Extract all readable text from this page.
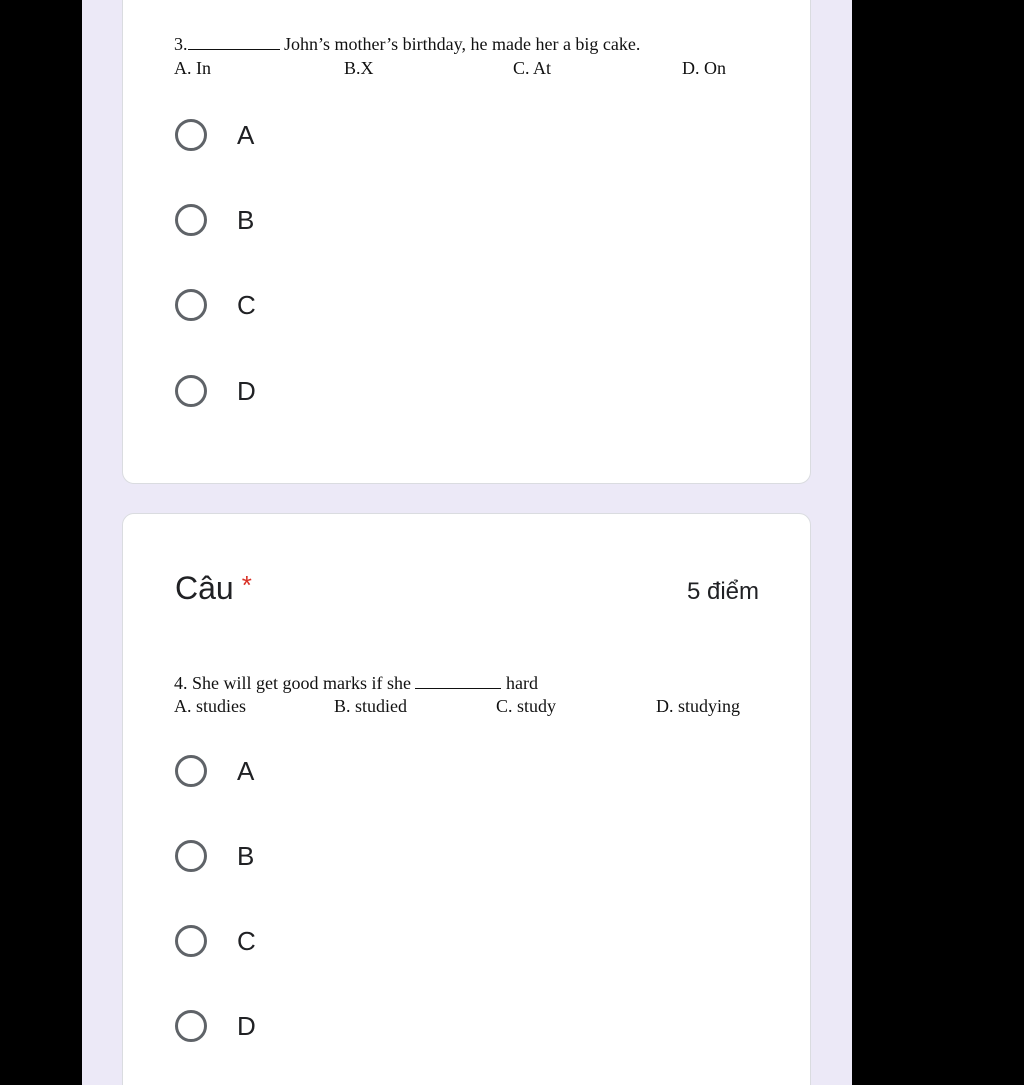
3.	John’s mother’s birthday, he made her a big cake.
A. In	B.X	C. At	D. On
A
B
C
D
Câu *	5 điểm
4. She will get good marks if she	hard
A. studies	B. studied	C. study	D. studying
A
B
C
D
